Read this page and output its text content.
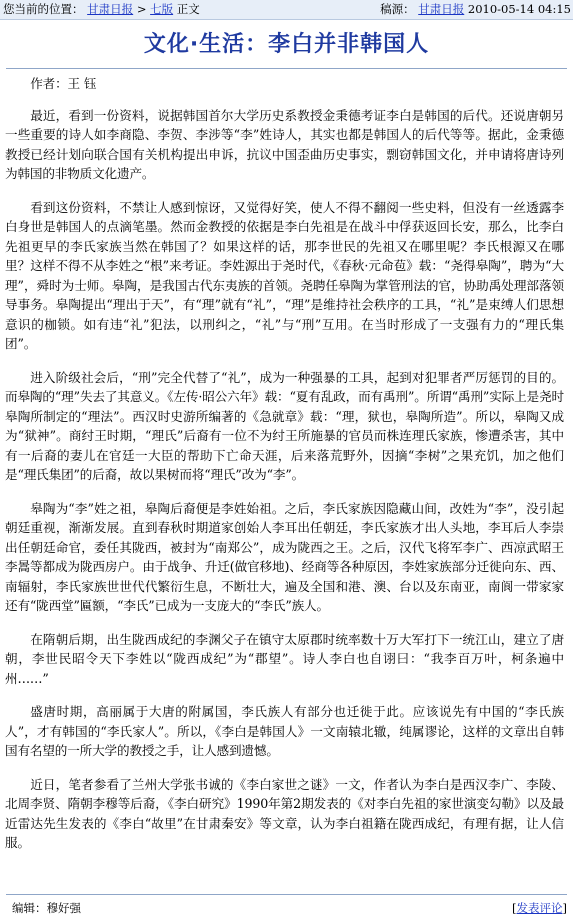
您当前的位置： 甘肃日报 > 七版 正文	稿源： 甘肃日报 2010-05-14 04:15
文化·生活：李白并非韩国人

作者：王 钰

最近，看到一份资料，说据韩国首尔大学历史系教授金秉德考证李白是韩国的后代。还说唐朝另一些重要的诗人如李商隐、李贺、李涉等“李”姓诗人，其实也都是韩国人的后代等等。据此，金秉德教授已经计划向联合国有关机构提出申诉，抗议中国歪曲历史事实，剽窃韩国文化，并申请将唐诗列为韩国的非物质文化遗产。

看到这份资料，不禁让人感到惊讶，又觉得好笑，使人不得不翻阅一些史料，但没有一丝透露李白身世是韩国人的点滴笔墨。然而金教授的依据是李白先祖是在战斗中俘获返回长安，那么，比李白先祖更早的李氏家族当然在韩国了？如果这样的话，那李世民的先祖又在哪里呢？李氏根源又在哪里？这样不得不从李姓之“根”来考证。李姓源出于尧时代，《春秋·元命苞》载：“尧得皋陶”，聘为“大理”，舜时为士师。皋陶，是我国古代东夷族的首领。尧聘任皋陶为掌管刑法的官，协助禹处理部落领导事务。皋陶提出“理出于天”，有“理”就有“礼”，“理”是维持社会秩序的工具，“礼”是束缚人们思想意识的枷锁。如有违“礼”犯法，以刑纠之，“礼”与“刑”互用。在当时形成了一支强有力的“理氏集团”。

进入阶级社会后，“刑”完全代替了“礼”，成为一种强暴的工具，起到对犯罪者严厉惩罚的目的。而皋陶的“理”失去了其意义。《左传·昭公六年》载：“夏有乱政，而有禹刑”。所谓“禹刑”实际上是尧时皋陶所制定的“理法”。西汉时史游所编著的《急就章》载：“理，狱也，皋陶所造”。所以，皋陶又成为“狱神”。商纣王时期，“理氏”后裔有一位不为纣王所施暴的官员而株连理氏家族，惨遭杀害，其中有一后裔的妻儿在官廷一大臣的帮助下亡命天涯，后来落荒野外，因摘“李树”之果充饥，加之他们是“理氏集团”的后裔，故以果树而将“理氏”改为“李”。

皋陶为“李”姓之祖，皋陶后裔便是李姓始祖。之后，李氏家族因隐藏山间，改姓为“李”，没引起朝廷重视，渐渐发展。直到春秋时期道家创始人李耳出任朝廷，李氏家族才出人头地，李耳后人李崇出任朝廷命官，委任其陇西，被封为“南郑公”，成为陇西之王。之后，汉代飞将军李广、西凉武昭王李暠等都成为陇西房户。由于战争、升迁(做官移地)、经商等各种原因，李姓家族部分迁徙向东、西、南辐射，李氏家族世世代代繁衍生息，不断壮大，遍及全国和港、澳、台以及东南亚，南阆一带家家还有“陇西堂”匾额，“李氏”已成为一支庞大的“李氏”族人。

在隋朝后期，出生陇西成纪的李渊父子在镇守太原郡时统率数十万大军打下一统江山，建立了唐朝，李世民昭令天下李姓以“陇西成纪”为“郡望”。诗人李白也自诩曰：“我李百万叶，柯条遍中州……”

盛唐时期，高丽属于大唐的附属国，李氏族人有部分也迁徙于此。应该说先有中国的“李氏族人”，才有韩国的“李氏家人”。所以，《李白是韩国人》一文南辕北辙，纯属谬论，这样的文章出自韩国有名望的一所大学的教授之手，让人感到遗憾。

近日，笔者参看了兰州大学张书诚的《李白家世之谜》一文，作者认为李白是西汉李广、李陵、北周李贤、隋朝李穆等后裔，《李白研究》1990年第2期发表的《对李白先祖的家世演变勾勒》以及最近雷达先生发表的《李白“故里”在甘肃秦安》等文章，认为李白祖籍在陇西成纪，有理有据，让人信服。

编辑：穆好强	[发表评论]
